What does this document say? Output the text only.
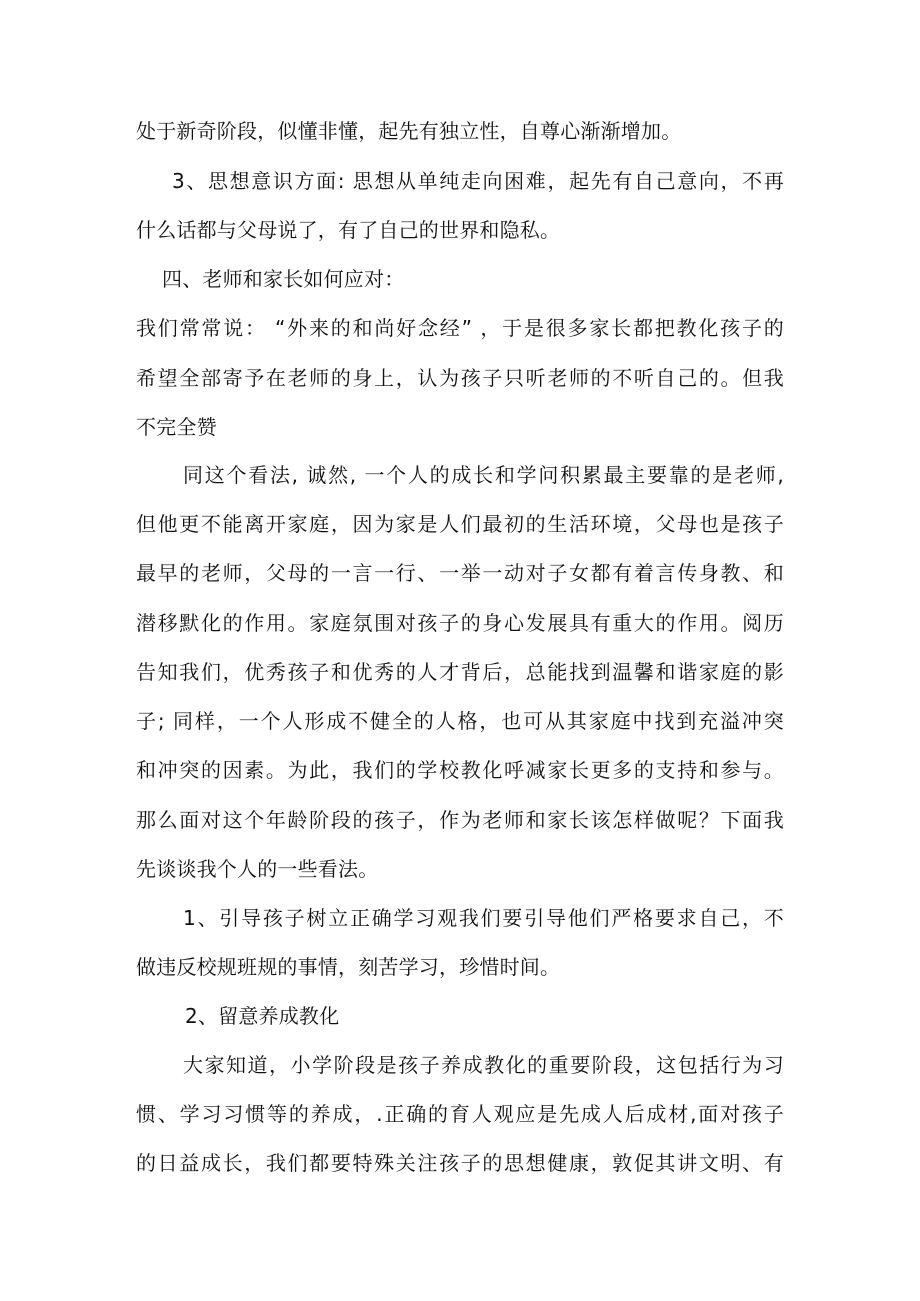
处于新奇阶段，似懂非懂，起先有独立性，自尊心渐渐增加。
3、思想意识方面: 思想从单纯走向困难，起先有自己意向，不再
什么话都与父母说了，有了自己的世界和隐私。
四、老师和家长如何应对：
我们常常说： “外来的和尚好念经” ，于是很多家长都把教化孩子的
希望全部寄予在老师的身上，认为孩子只听老师的不听自己的。但我
不完全赞
同这个看法, 诚然, 一个人的成长和学问积累最主要靠的是老师,
但他更不能离开家庭，因为家是人们最初的生活环境，父母也是孩子
最早的老师，父母的一言一行、一举一动对子女都有着言传身教、和
潜移默化的作用。家庭氛围对孩子的身心发展具有重大的作用。阅历
告知我们，优秀孩子和优秀的人才背后，总能找到温馨和谐家庭的影
子; 同样，一个人形成不健全的人格，也可从其家庭中找到充溢冲突
和冲突的因素。为此，我们的学校教化呼减家长更多的支持和参与。
那么面对这个年龄阶段的孩子，作为老师和家长该怎样做呢？下面我
先谈谈我个人的一些看法。
1、引导孩子树立正确学习观我们要引导他们严格要求自己，不
做违反校规班规的事情，刻苦学习，珍惜时间。
2、留意养成教化
大家知道，小学阶段是孩子养成教化的重要阶段，这包括行为习
惯、学习习惯等的养成，.正确的育人观应是先成人后成材,面对孩子
的日益成长，我们都要特殊关注孩子的思想健康，敦促其讲文明、有
